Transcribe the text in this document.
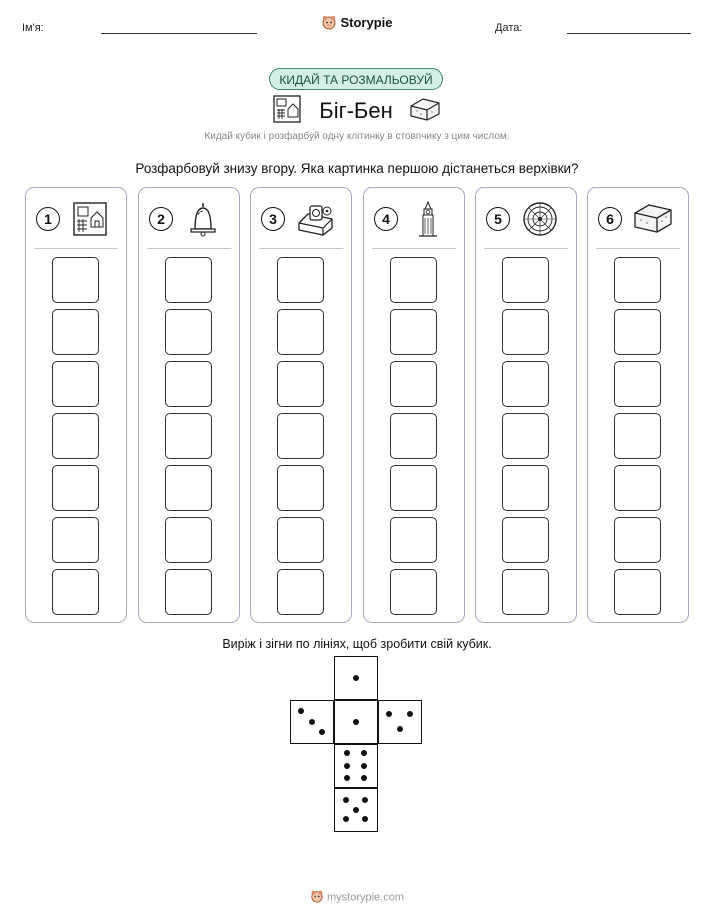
Ім'я:	Storypie	Дата:
КИДАЙ ТА РОЗМАЛЬОВУЙ
Біг-Бен
Кидай кубик і розфарбуй одну клітинку в стовпчику з цим числом.
Розфарбовуй знизу вгору. Яка картинка першою дістанеться верхівки?
1	2	3	4	5	6
Виріж і зігни по лініях, щоб зробити свій кубик.
mystorypie.com
